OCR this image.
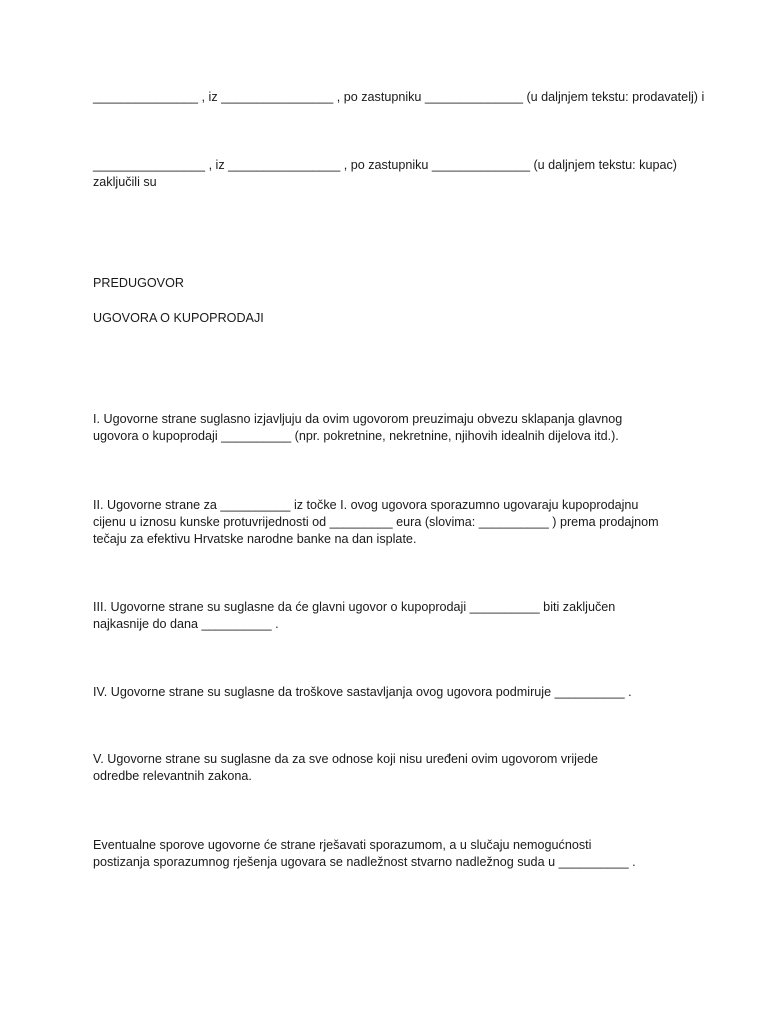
_______________ , iz ________________ , po zastupniku ______________ (u daljnjem tekstu: prodavatelj) i

________________ , iz ________________ , po zastupniku ______________ (u daljnjem tekstu: kupac)
zaključili su

PREDUGOVOR

UGOVORA O KUPOPRODAJI

I. Ugovorne strane suglasno izjavljuju da ovim ugovorom preuzimaju obvezu sklapanja glavnog
ugovora o kupoprodaji __________ (npr. pokretnine, nekretnine, njihovih idealnih dijelova itd.).

II. Ugovorne strane za __________ iz točke I. ovog ugovora sporazumno ugovaraju kupoprodajnu
cijenu u iznosu kunske protuvrijednosti od _________ eura (slovima: __________ ) prema prodajnom
tečaju za efektivu Hrvatske narodne banke na dan isplate.

III. Ugovorne strane su suglasne da će glavni ugovor o kupoprodaji __________ biti zaključen
najkasnije do dana __________ .

IV. Ugovorne strane su suglasne da troškove sastavljanja ovog ugovora podmiruje __________ .

V. Ugovorne strane su suglasne da za sve odnose koji nisu uređeni ovim ugovorom vrijede
odredbe relevantnih zakona.

Eventualne sporove ugovorne će strane rješavati sporazumom, a u slučaju nemogućnosti
postizanja sporazumnog rješenja ugovara se nadležnost stvarno nadležnog suda u __________ .
